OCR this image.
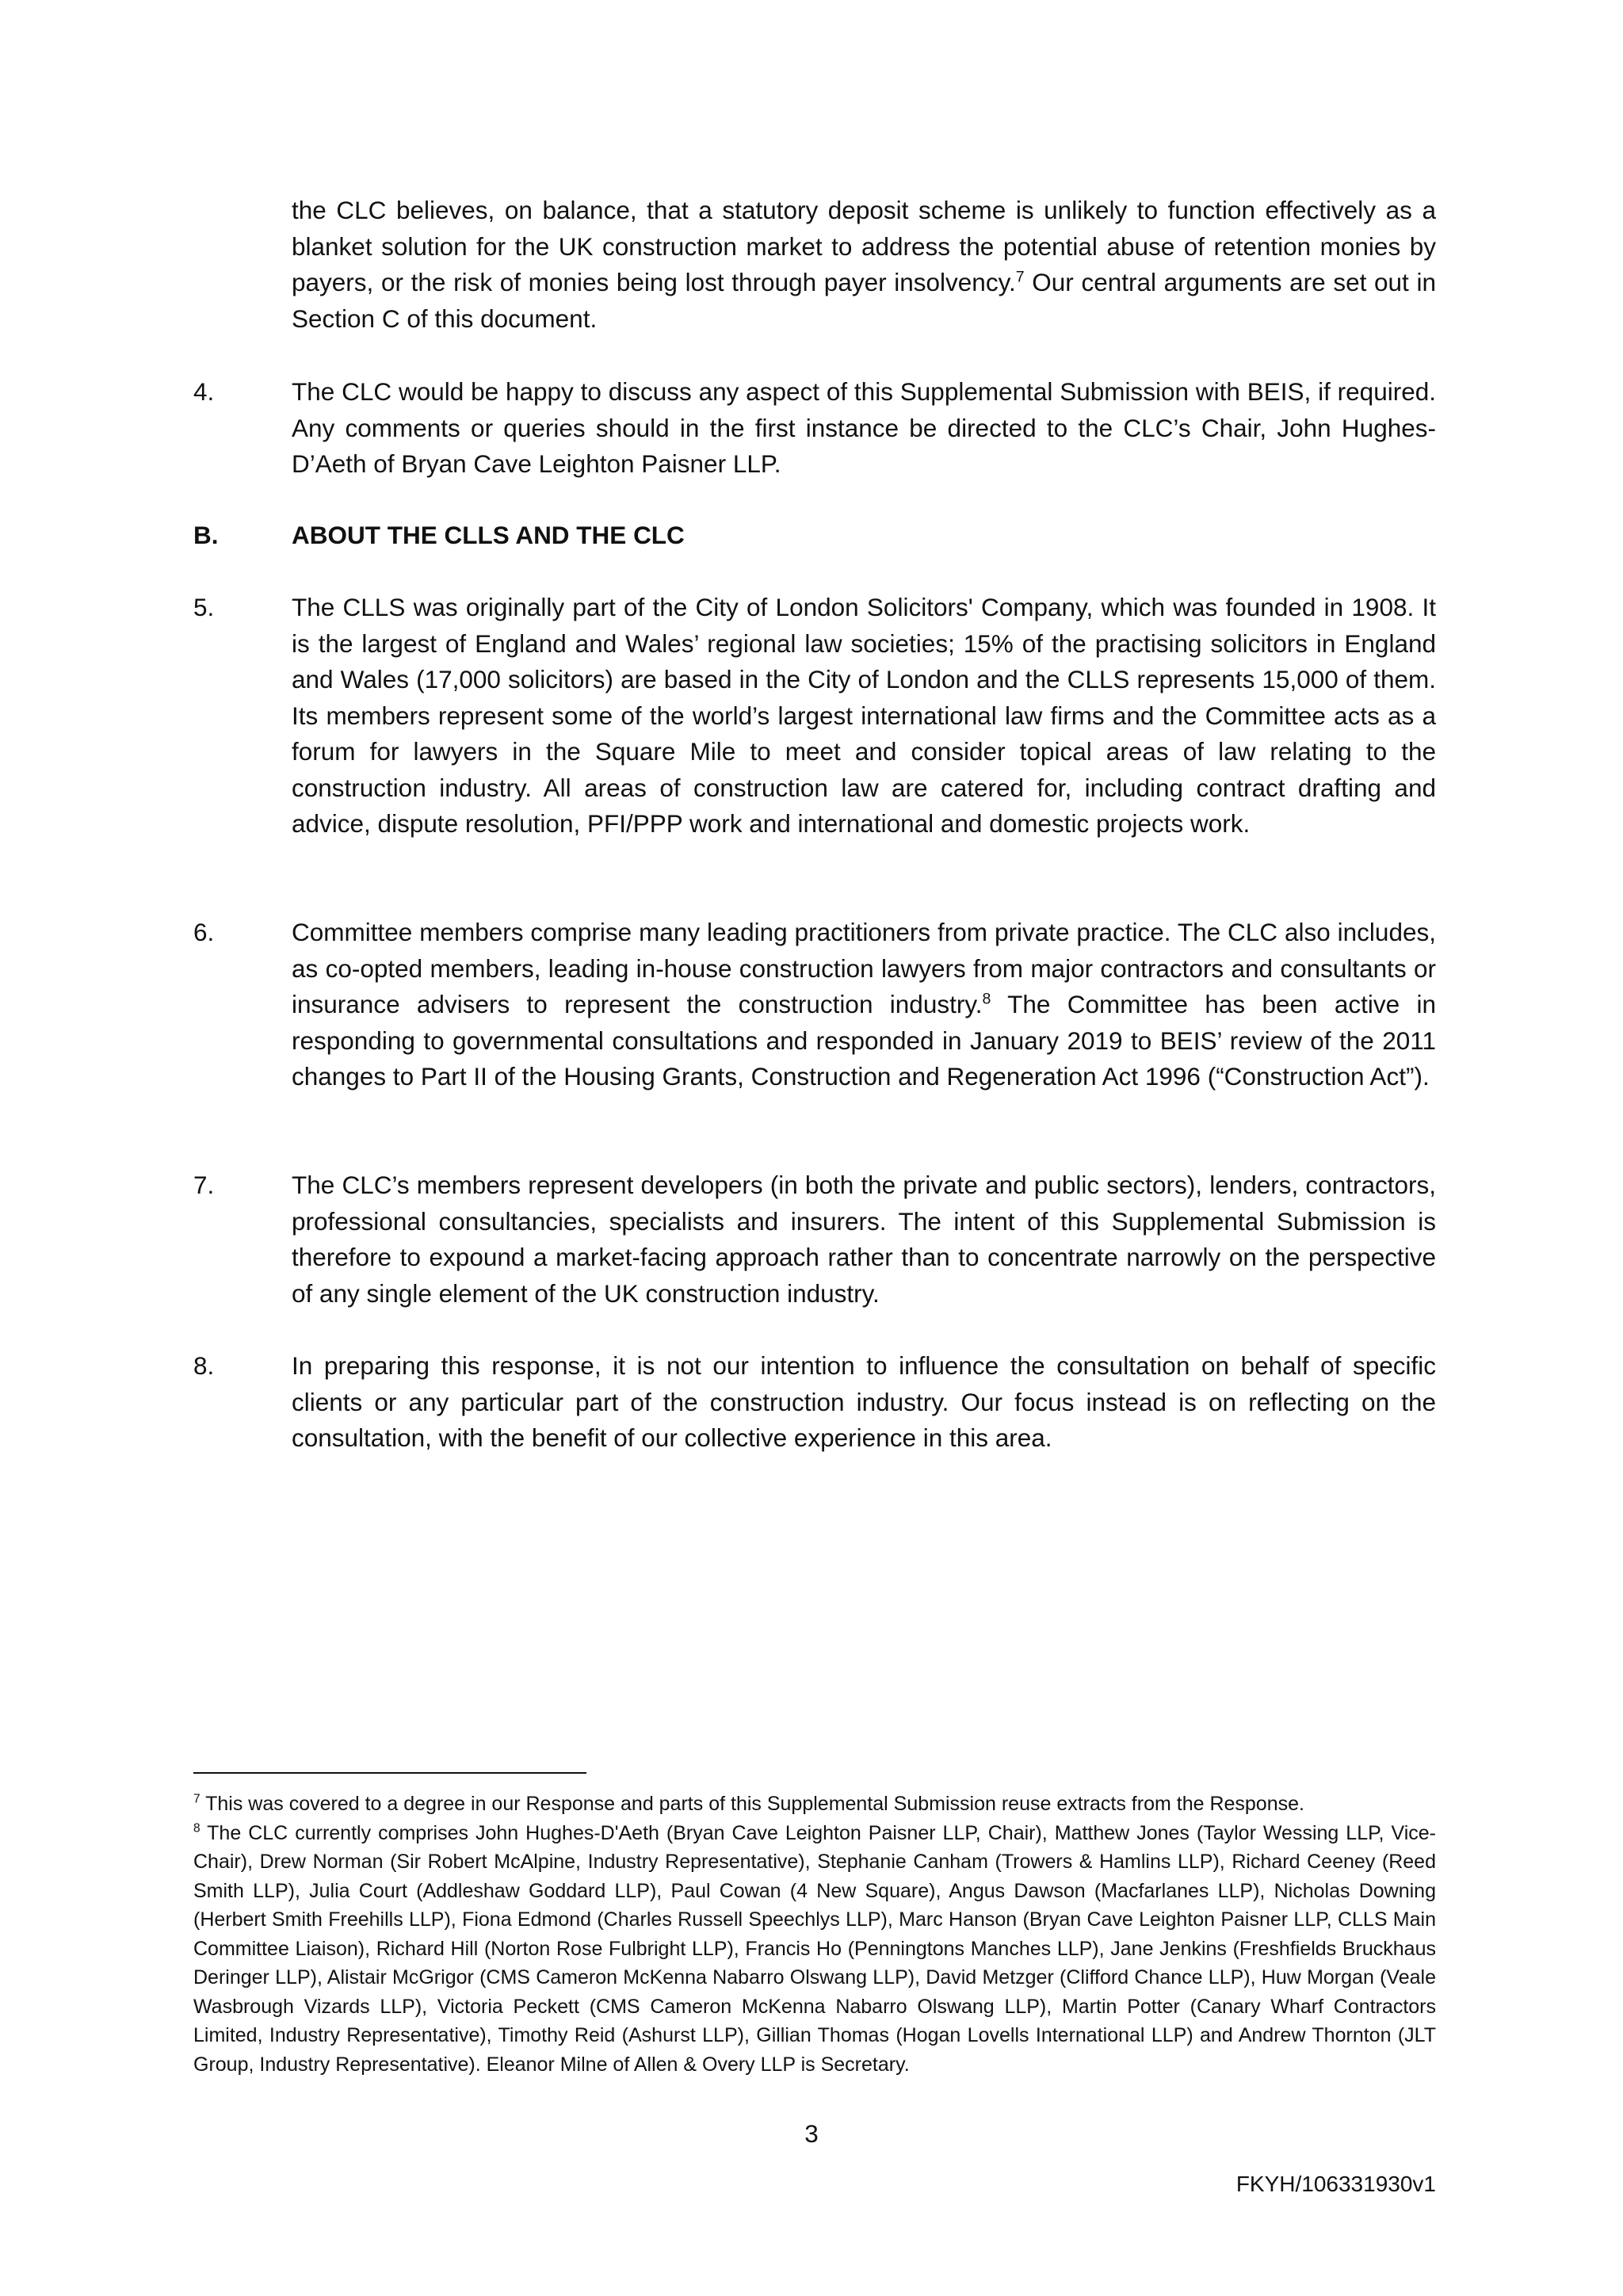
the CLC believes, on balance, that a statutory deposit scheme is unlikely to function effectively as a blanket solution for the UK construction market to address the potential abuse of retention monies by payers, or the risk of monies being lost through payer insolvency.$^7$ Our central arguments are set out in Section C of this document.
4.	The CLC would be happy to discuss any aspect of this Supplemental Submission with BEIS, if required. Any comments or queries should in the first instance be directed to the CLC’s Chair, John Hughes-D’Aeth of Bryan Cave Leighton Paisner LLP.
B.	ABOUT THE CLLS AND THE CLC
5.	The CLLS was originally part of the City of London Solicitors' Company, which was founded in 1908. It is the largest of England and Wales’ regional law societies; 15% of the practising solicitors in England and Wales (17,000 solicitors) are based in the City of London and the CLLS represents 15,000 of them. Its members represent some of the world’s largest international law firms and the Committee acts as a forum for lawyers in the Square Mile to meet and consider topical areas of law relating to the construction industry. All areas of construction law are catered for, including contract drafting and advice, dispute resolution, PFI/PPP work and international and domestic projects work.
6.	Committee members comprise many leading practitioners from private practice. The CLC also includes, as co-opted members, leading in-house construction lawyers from major contractors and consultants or insurance advisers to represent the construction industry.$^8$ The Committee has been active in responding to governmental consultations and responded in January 2019 to BEIS’ review of the 2011 changes to Part II of the Housing Grants, Construction and Regeneration Act 1996 (“Construction Act”).
7.	The CLC’s members represent developers (in both the private and public sectors), lenders, contractors, professional consultancies, specialists and insurers. The intent of this Supplemental Submission is therefore to expound a market-facing approach rather than to concentrate narrowly on the perspective of any single element of the UK construction industry.
8.	In preparing this response, it is not our intention to influence the consultation on behalf of specific clients or any particular part of the construction industry. Our focus instead is on reflecting on the consultation, with the benefit of our collective experience in this area.

$^7$ This was covered to a degree in our Response and parts of this Supplemental Submission reuse extracts from the Response.

$^8$ The CLC currently comprises John Hughes-D'Aeth (Bryan Cave Leighton Paisner LLP, Chair), Matthew Jones (Taylor Wessing LLP, Vice-Chair), Drew Norman (Sir Robert McAlpine, Industry Representative), Stephanie Canham (Trowers & Hamlins LLP), Richard Ceeney (Reed Smith LLP), Julia Court (Addleshaw Goddard LLP), Paul Cowan (4 New Square), Angus Dawson (Macfarlanes LLP), Nicholas Downing (Herbert Smith Freehills LLP), Fiona Edmond (Charles Russell Speechlys LLP), Marc Hanson (Bryan Cave Leighton Paisner LLP, CLLS Main Committee Liaison), Richard Hill (Norton Rose Fulbright LLP), Francis Ho (Penningtons Manches LLP), Jane Jenkins (Freshfields Bruckhaus Deringer LLP), Alistair McGrigor (CMS Cameron McKenna Nabarro Olswang LLP), David Metzger (Clifford Chance LLP), Huw Morgan (Veale Wasbrough Vizards LLP), Victoria Peckett (CMS Cameron McKenna Nabarro Olswang LLP), Martin Potter (Canary Wharf Contractors Limited, Industry Representative), Timothy Reid (Ashurst LLP), Gillian Thomas (Hogan Lovells International LLP) and Andrew Thornton (JLT Group, Industry Representative). Eleanor Milne of Allen & Overy LLP is Secretary.

3
FKYH/106331930v1
